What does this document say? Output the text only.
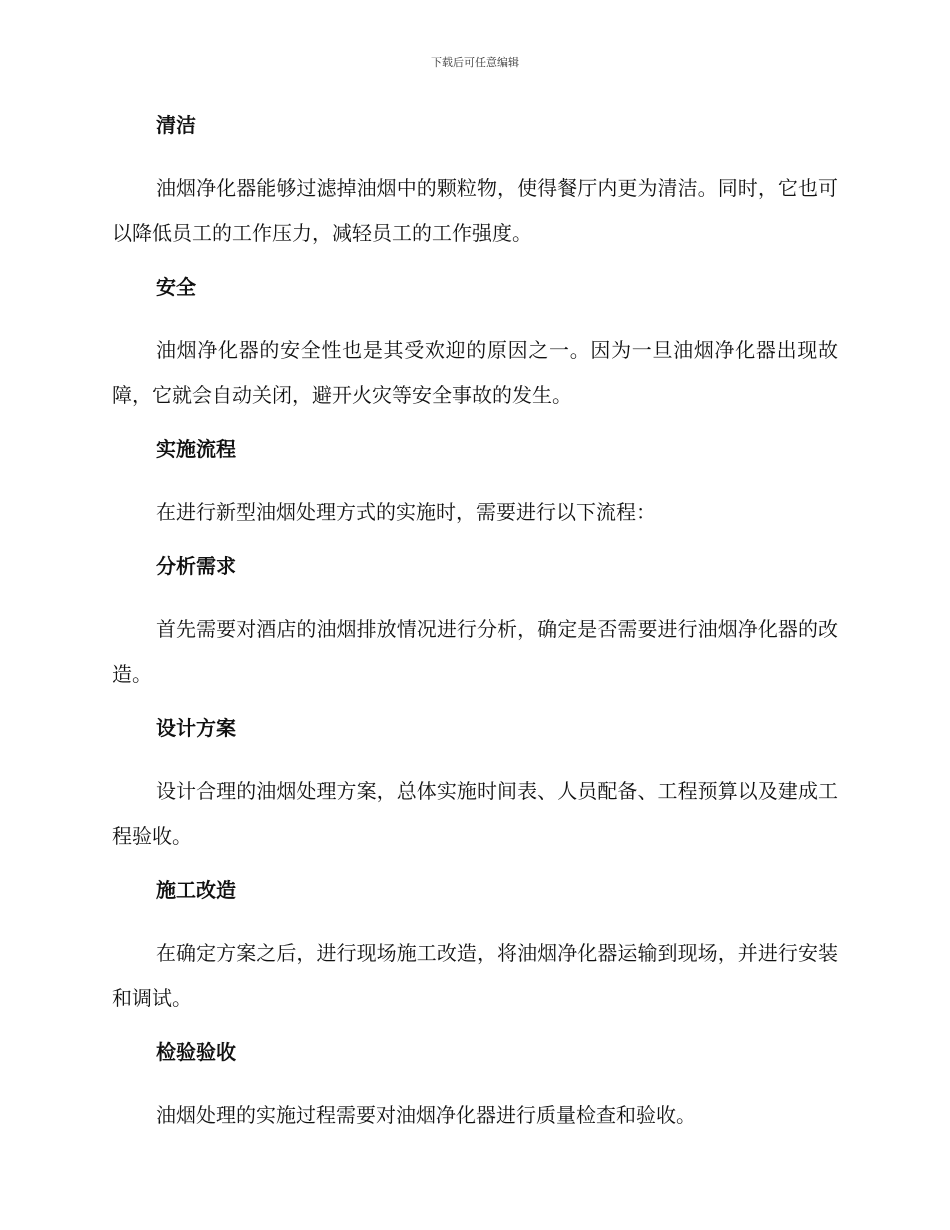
下载后可任意编辑
清洁

油烟净化器能够过滤掉油烟中的颗粒物，使得餐厅内更为清洁。同时，它也可以降低员工的工作压力，减轻员工的工作强度。

安全

油烟净化器的安全性也是其受欢迎的原因之一。因为一旦油烟净化器出现故障，它就会自动关闭，避开火灾等安全事故的发生。

实施流程

在进行新型油烟处理方式的实施时，需要进行以下流程：

分析需求

首先需要对酒店的油烟排放情况进行分析，确定是否需要进行油烟净化器的改造。

设计方案

设计合理的油烟处理方案，总体实施时间表、人员配备、工程预算以及建成工程验收。

施工改造

在确定方案之后，进行现场施工改造，将油烟净化器运输到现场，并进行安装和调试。

检验验收

油烟处理的实施过程需要对油烟净化器进行质量检查和验收。
